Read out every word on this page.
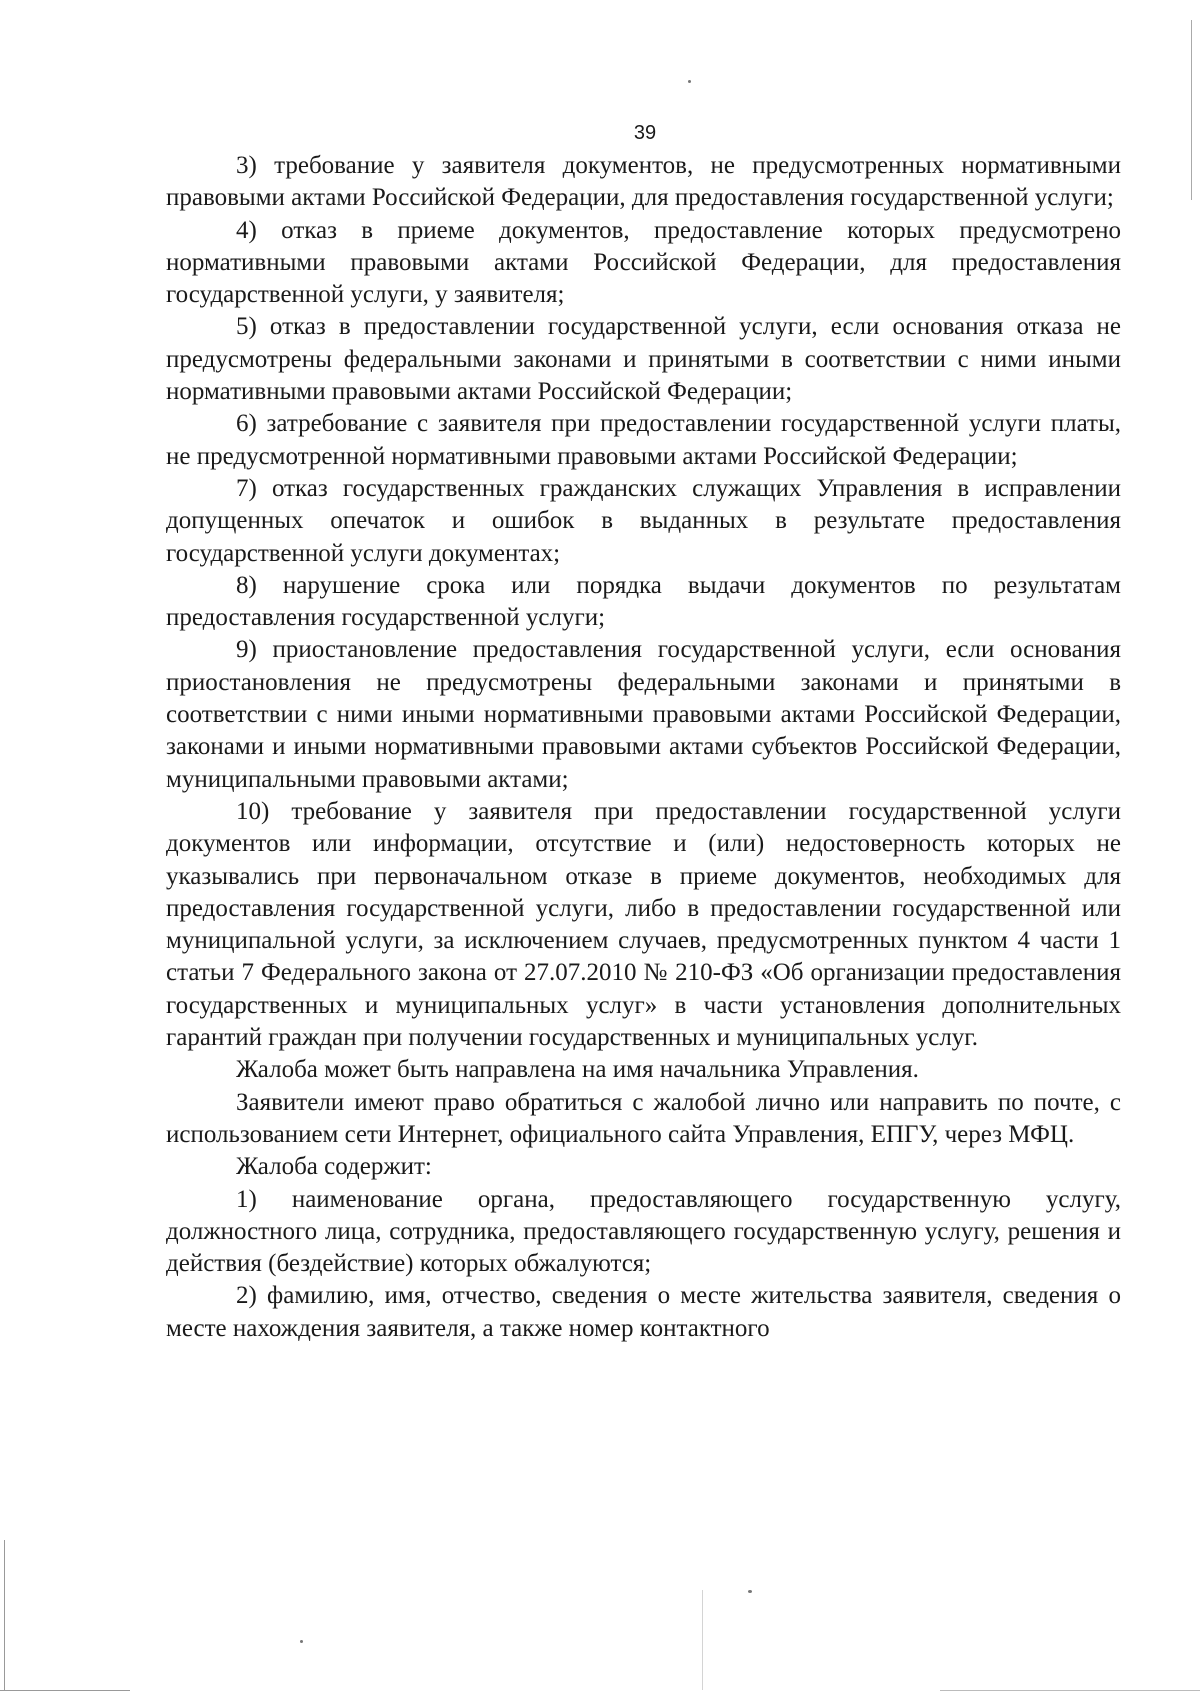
39

3) требование у заявителя документов, не предусмотренных нормативными правовыми актами Российской Федерации, для предоставления государственной услуги;

4) отказ в приеме документов, предоставление которых предусмотрено нормативными правовыми актами Российской Федерации, для предоставления государственной услуги, у заявителя;

5) отказ в предоставлении государственной услуги, если основания отказа не предусмотрены федеральными законами и принятыми в соответствии с ними иными нормативными правовыми актами Российской Федерации;

6) затребование с заявителя при предоставлении государственной услуги платы, не предусмотренной нормативными правовыми актами Российской Федерации;

7) отказ государственных гражданских служащих Управления в исправлении допущенных опечаток и ошибок в выданных в результате предоставления государственной услуги документах;

8) нарушение срока или порядка выдачи документов по результатам предоставления государственной услуги;

9) приостановление предоставления государственной услуги, если основания приостановления не предусмотрены федеральными законами и принятыми в соответствии с ними иными нормативными правовыми актами Российской Федерации, законами и иными нормативными правовыми актами субъектов Российской Федерации, муниципальными правовыми актами;

10) требование у заявителя при предоставлении государственной услуги документов или информации, отсутствие и (или) недостоверность которых не указывались при первоначальном отказе в приеме документов, необходимых для предоставления государственной услуги, либо в предоставлении государственной или муниципальной услуги, за исключением случаев, предусмотренных пунктом 4 части 1 статьи 7 Федерального закона от 27.07.2010 № 210-ФЗ «Об организации предоставления государственных и муниципальных услуг» в части установления дополнительных гарантий граждан при получении государственных и муниципальных услуг.

Жалоба может быть направлена на имя начальника Управления.

Заявители имеют право обратиться с жалобой лично или направить по почте, с использованием сети Интернет, официального сайта Управления, ЕПГУ, через МФЦ.

Жалоба содержит:

1) наименование органа, предоставляющего государственную услугу, должностного лица, сотрудника, предоставляющего государственную услугу, решения и действия (бездействие) которых обжалуются;

2) фамилию, имя, отчество, сведения о месте жительства заявителя, сведения о месте нахождения заявителя, а также номер контактного
